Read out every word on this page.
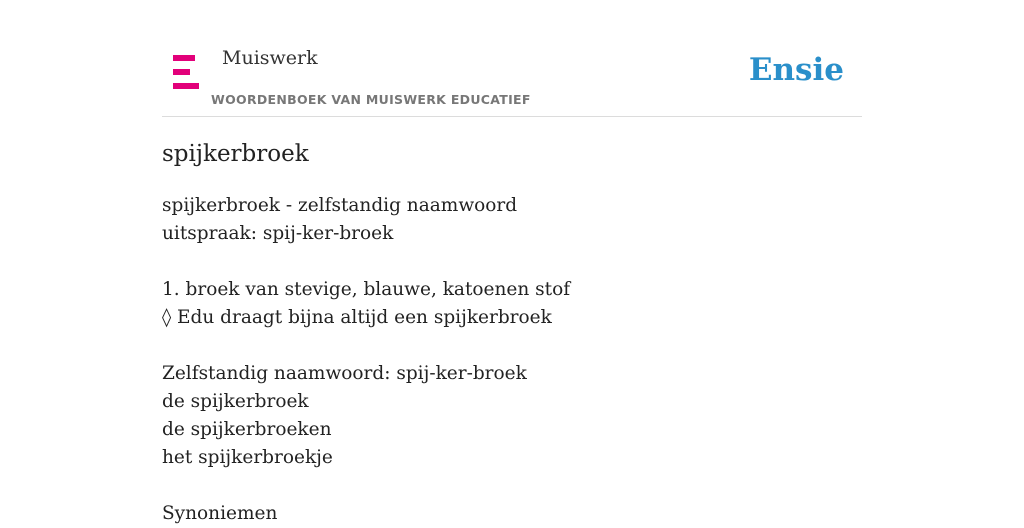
Muiswerk
WOORDENBOEK VAN MUISWERK EDUCATIEF
Ensie
spijkerbroek
spijkerbroek - zelfstandig naamwoord
uitspraak: spij-ker-broek
1. broek van stevige, blauwe, katoenen stof
◊ Edu draagt bijna altijd een spijkerbroek
Zelfstandig naamwoord: spij-ker-broek
de spijkerbroek
de spijkerbroeken
het spijkerbroekje
Synoniemen
